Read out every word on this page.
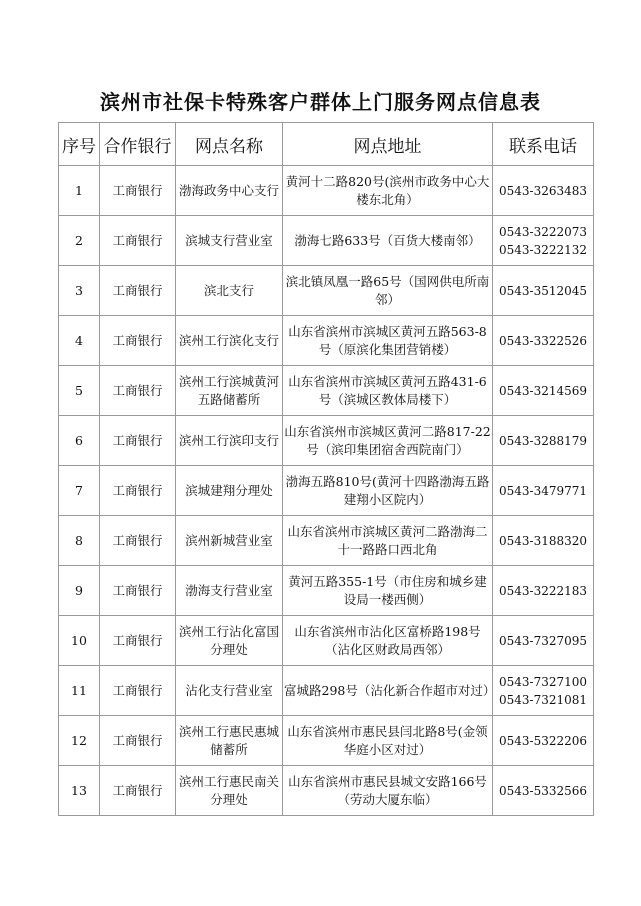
滨州市社保卡特殊客户群体上门服务网点信息表
序号	合作银行	网点名称	网点地址	联系电话
1	工商银行	渤海政务中心支行	黄河十二路820号(滨州市政务中心大楼东北角）	0543-3263483

2	工商银行	滨城支行营业室	渤海七路633号（百货大楼南邻）	0543-3222073
0543-3222132

3	工商银行	滨北支行	滨北镇凤凰一路65号（国网供电所南邻）	0543-3512045

4	工商银行	滨州工行滨化支行	山东省滨州市滨城区黄河五路563-8号（原滨化集团营销楼）	0543-3322526

5	工商银行	滨州工行滨城黄河五路储蓄所	山东省滨州市滨城区黄河五路431-6号（滨城区教体局楼下）	0543-3214569

6	工商银行	滨州工行滨印支行	山东省滨州市滨城区黄河二路817-22号（滨印集团宿舍西院南门）	0543-3288179

7	工商银行	滨城建翔分理处	渤海五路810号(黄河十四路渤海五路建翔小区院内）	0543-3479771

8	工商银行	滨州新城营业室	山东省滨州市滨城区黄河二路渤海二十一路路口西北角	0543-3188320

9	工商银行	渤海支行营业室	黄河五路355-1号（市住房和城乡建设局一楼西侧）	0543-3222183

10	工商银行	滨州工行沾化富国分理处	山东省滨州市沾化区富桥路198号（沾化区财政局西邻）	0543-7327095

11	工商银行	沾化支行营业室	富城路298号（沾化新合作超市对过）	0543-7327100
0543-7321081

12	工商银行	滨州工行惠民惠城储蓄所	山东省滨州市惠民县闫北路8号(金领华庭小区对过）	0543-5322206

13	工商银行	滨州工行惠民南关分理处	山东省滨州市惠民县城文安路166号（劳动大厦东临）	0543-5332566
